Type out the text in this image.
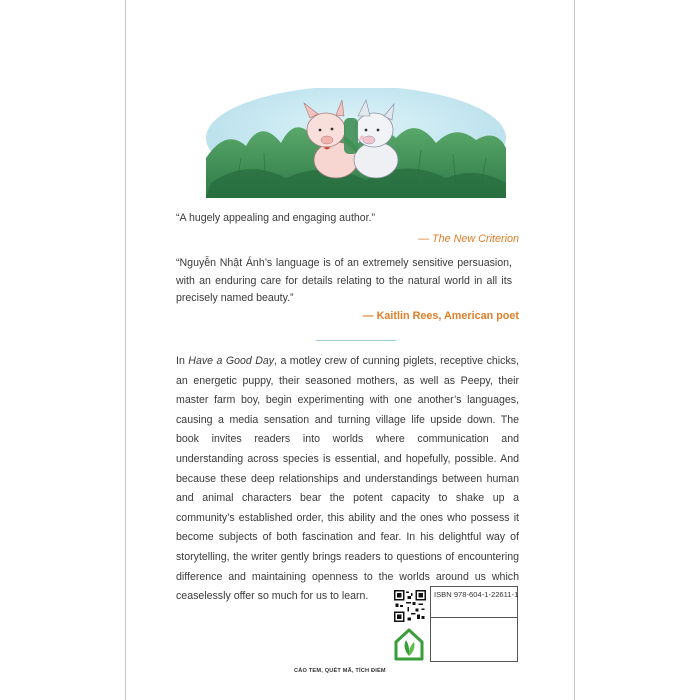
“A hugely appealing and engaging author.”

— The New Criterion

“Nguyễn Nhật Ánh’s language is of an extremely sensitive persuasion, with an enduring care for details relating to the natural world in all its precisely named beauty.”

— Kaitlin Rees, American poet

In Have a Good Day, a motley crew of cunning piglets, receptive chicks, an energetic puppy, their seasoned mothers, as well as Peepy, their master farm boy, begin experimenting with one another’s languages, causing a media sensation and turning village life upside down. The book invites readers into worlds where communication and understanding across species is essential, and hopefully, possible. And because these deep relationships and understandings between human and animal characters bear the potent capacity to shake up a community’s established order, this ability and the ones who possess it become subjects of both fascination and fear. In his delightful way of storytelling, the writer gently brings readers to questions of encountering difference and maintaining openness to the worlds around us which ceaselessly offer so much for us to learn.	ISBN 978-604-1-22611-1
CÀO TEM, QUÉT MÃ, TÍCH ĐIỂM
